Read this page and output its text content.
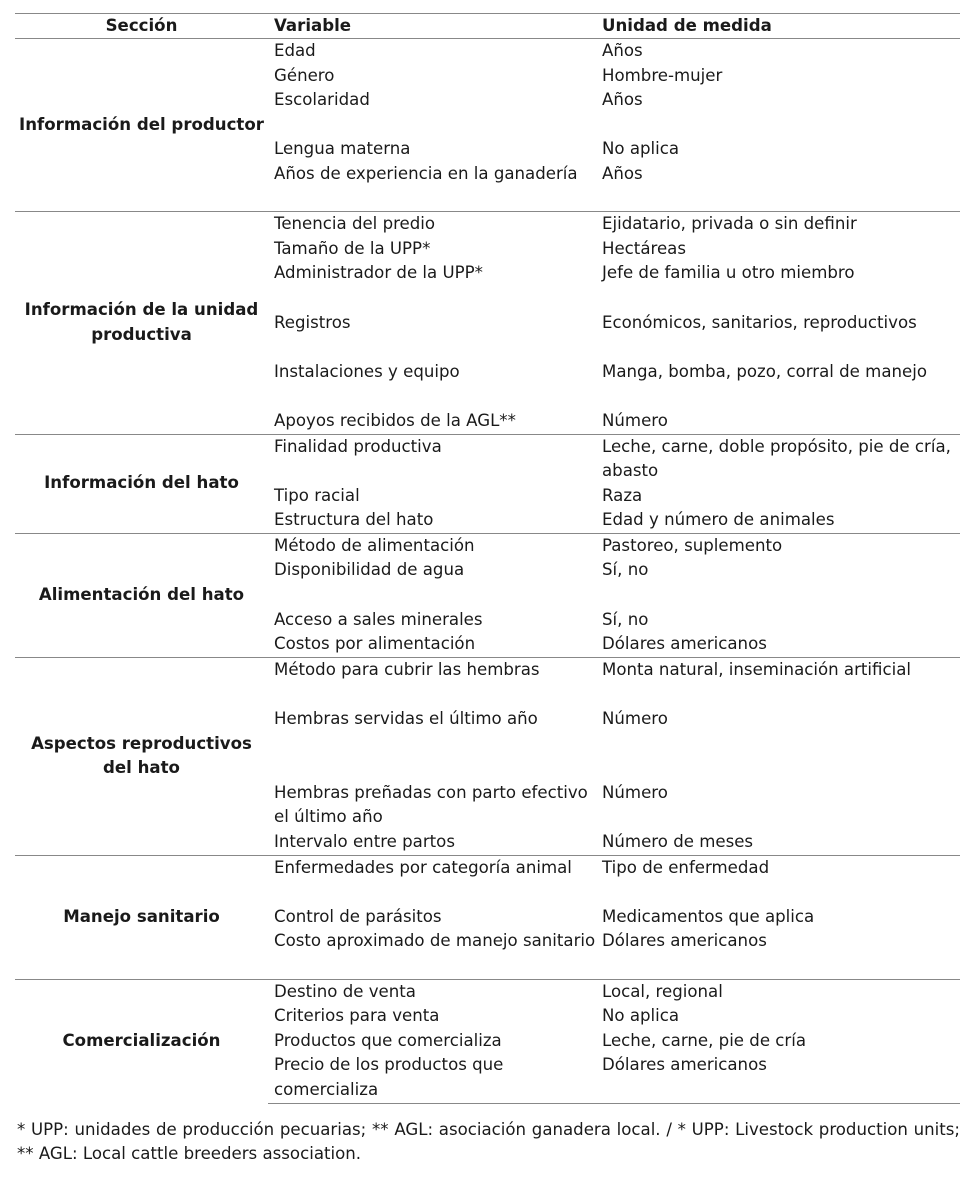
Sección	Variable	Unidad de medida
Información del productor	Edad	Años
	Género	Hombre-mujer
	Escolaridad	Años
	Lengua materna	No aplica
	Años de experiencia en la ganadería	Años
Información de la unidad productiva	Tenencia del predio	Ejidatario, privada o sin definir
	Tamaño de la UPP*	Hectáreas
	Administrador de la UPP*	Jefe de familia u otro miembro
	Registros	Económicos, sanitarios, reproductivos
	Instalaciones y equipo	Manga, bomba, pozo, corral de manejo
	Apoyos recibidos de la AGL**	Número
Información del hato	Finalidad productiva	Leche, carne, doble propósito, pie de cría, abasto
	Tipo racial	Raza
	Estructura del hato	Edad y número de animales
Alimentación del hato	Método de alimentación	Pastoreo, suplemento
	Disponibilidad de agua	Sí, no
	Acceso a sales minerales	Sí, no
	Costos por alimentación	Dólares americanos
Aspectos reproductivos del hato	Método para cubrir las hembras	Monta natural, inseminación artificial
	Hembras servidas el último año	Número
	Hembras preñadas con parto efectivo el último año	Número
	Intervalo entre partos	Número de meses
Manejo sanitario	Enfermedades por categoría animal	Tipo de enfermedad
	Control de parásitos	Medicamentos que aplica
	Costo aproximado de manejo sanitario	Dólares americanos
Comercialización	Destino de venta	Local, regional
	Criterios para venta	No aplica
	Productos que comercializa	Leche, carne, pie de cría
	Precio de los productos que comercializa	Dólares americanos
* UPP: unidades de producción pecuarias; ** AGL: asociación ganadera local. / * UPP: Livestock production units; ** AGL: Local cattle breeders association.
